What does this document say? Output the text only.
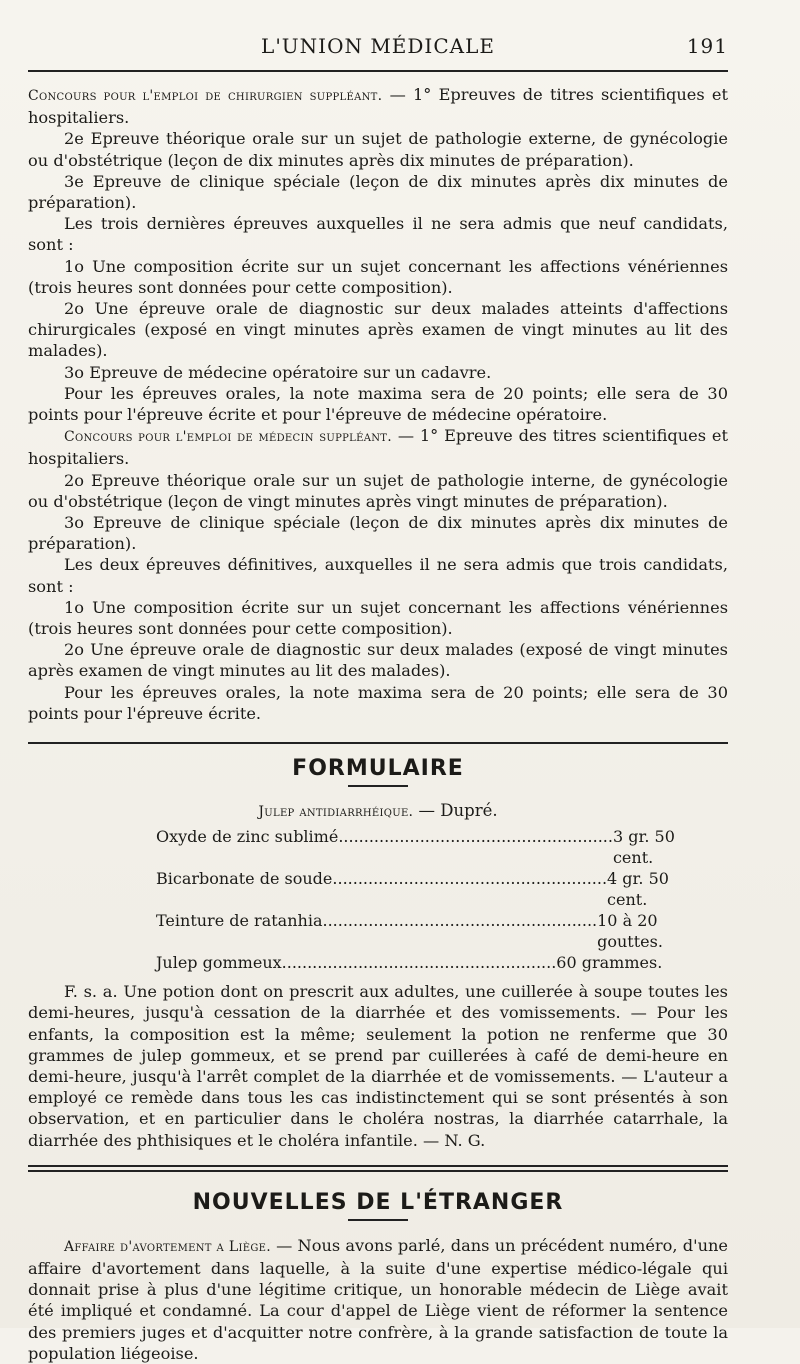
L'UNION MÉDICALE	191

Concours pour l'emploi de chirurgien suppléant. — 1° Epreuves de titres scientifiques et hospitaliers.

2e Epreuve théorique orale sur un sujet de pathologie externe, de gynécologie ou d'obstétrique (leçon de dix minutes après dix minutes de préparation).

3e Epreuve de clinique spéciale (leçon de dix minutes après dix minutes de préparation).

Les trois dernières épreuves auxquelles il ne sera admis que neuf candidats, sont :

1o Une composition écrite sur un sujet concernant les affections vénériennes (trois heures sont données pour cette composition).

2o Une épreuve orale de diagnostic sur deux malades atteints d'affections chirurgicales (exposé en vingt minutes après examen de vingt minutes au lit des malades).

3o Epreuve de médecine opératoire sur un cadavre.

Pour les épreuves orales, la note maxima sera de 20 points; elle sera de 30 points pour l'épreuve écrite et pour l'épreuve de médecine opératoire.

Concours pour l'emploi de médecin suppléant. — 1° Epreuve des titres scientifiques et hospitaliers.

2o Epreuve théorique orale sur un sujet de pathologie interne, de gynécologie ou d'obstétrique (leçon de vingt minutes après vingt minutes de préparation).

3o Epreuve de clinique spéciale (leçon de dix minutes après dix minutes de préparation).

Les deux épreuves définitives, auxquelles il ne sera admis que trois candidats, sont :

1o Une composition écrite sur un sujet concernant les affections vénériennes (trois heures sont données pour cette composition).

2o Une épreuve orale de diagnostic sur deux malades (exposé de vingt minutes après examen de vingt minutes au lit des malades).

Pour les épreuves orales, la note maxima sera de 20 points; elle sera de 30 points pour l'épreuve écrite.

FORMULAIRE
Julep antidiarrhéique. — Dupré.
Oxyde de zinc sublimé...................................................... 3 gr. 50 cent.
Bicarbonate de soude...................................................... 4 gr. 50 cent.
Teinture de ratanhia...................................................... 10 à 20 gouttes.
Julep gommeux...................................................... 60 grammes.

F. s. a. Une potion dont on prescrit aux adultes, une cuillerée à soupe toutes les demi-heures, jusqu'à cessation de la diarrhée et des vomissements. — Pour les enfants, la composition est la même; seulement la potion ne renferme que 30 grammes de julep gommeux, et se prend par cuillerées à café de demi-heure en demi-heure, jusqu'à l'arrêt complet de la diarrhée et de vomissements. — L'auteur a employé ce remède dans tous les cas indistinctement qui se sont présentés à son observation, et en particulier dans le choléra nostras, la diarrhée catarrhale, la diarrhée des phthisiques et le choléra infantile. — N. G.

NOUVELLES DE L'ÉTRANGER

Affaire d'avortement a Liège. — Nous avons parlé, dans un précédent numéro, d'une affaire d'avortement dans laquelle, à la suite d'une expertise médico-légale qui donnait prise à plus d'une légitime critique, un honorable médecin de Liège avait été impliqué et condamné. La cour d'appel de Liège vient de réformer la sentence des premiers juges et d'acquitter notre confrère, à la grande satisfaction de toute la population liégeoise.
